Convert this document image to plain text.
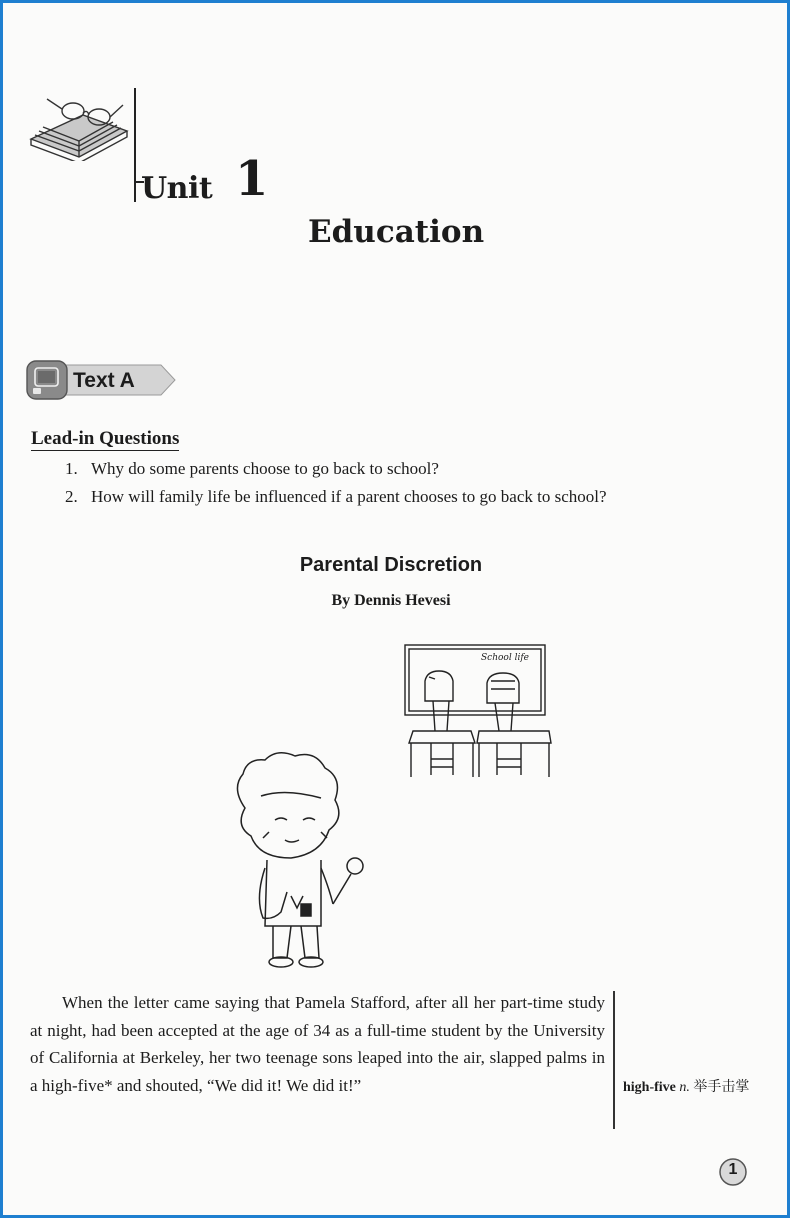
Unit 1
Education
Text A
Lead-in Questions
1. Why do some parents choose to go back to school?
2. How will family life be influenced if a parent chooses to go back to school?
Parental Discretion
By Dennis Hevesi
School life
When the letter came saying that Pamela Stafford, after all her part-time study at night, had been accepted at the age of 34 as a full-time student by the University of California at Berkeley, her two teenage sons leaped into the air, slapped palms in a high-five* and shouted, “We did it! We did it!”	high-five n. 举手击掌
1
